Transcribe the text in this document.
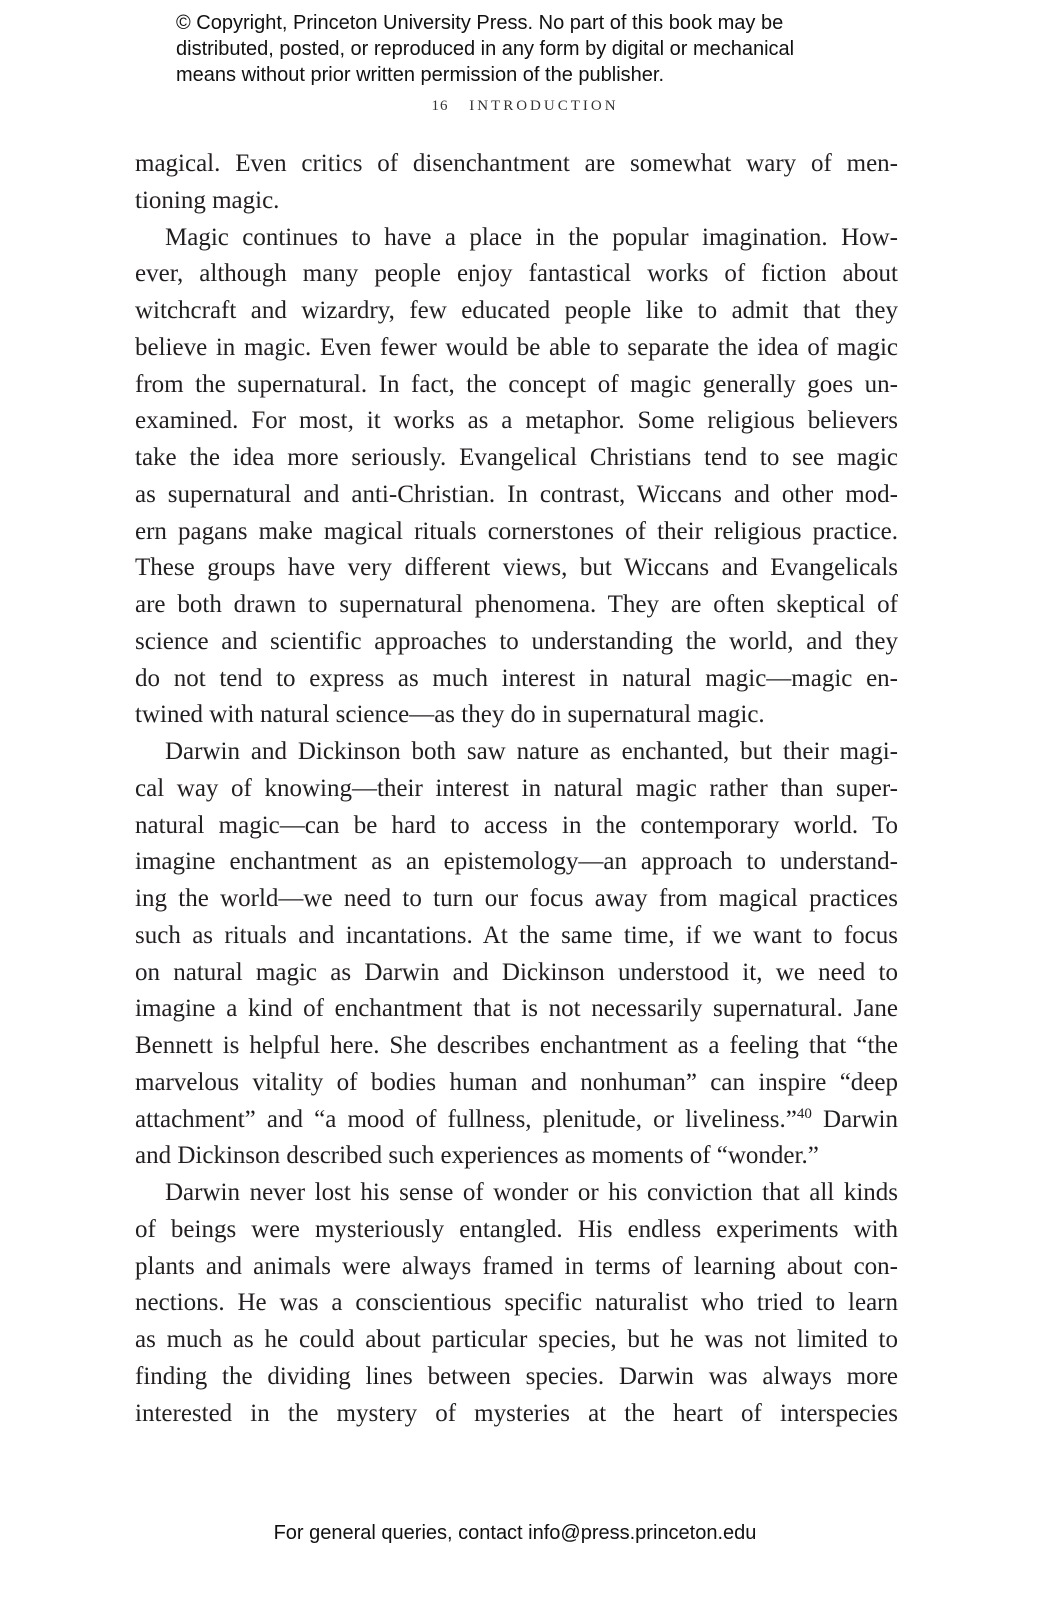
© Copyright, Princeton University Press. No part of this book may be
distributed, posted, or reproduced in any form by digital or mechanical
means without prior written permission of the publisher.
16 INTRODUCTION
magical. Even critics of disenchantment are somewhat wary of men-
tioning magic.
Magic continues to have a place in the popular imagination. How-
ever, although many people enjoy fantastical works of fiction about
witchcraft and wizardry, few educated people like to admit that they
believe in magic. Even fewer would be able to separate the idea of magic
from the supernatural. In fact, the concept of magic generally goes un-
examined. For most, it works as a metaphor. Some religious believers
take the idea more seriously. Evangelical Christians tend to see magic
as supernatural and anti-Christian. In contrast, Wiccans and other mod-
ern pagans make magical rituals cornerstones of their religious practice.
These groups have very different views, but Wiccans and Evangelicals
are both drawn to supernatural phenomena. They are often skeptical of
science and scientific approaches to understanding the world, and they
do not tend to express as much interest in natural magic—magic en-
twined with natural science—as they do in supernatural magic.
Darwin and Dickinson both saw nature as enchanted, but their magi-
cal way of knowing—their interest in natural magic rather than super-
natural magic—can be hard to access in the contemporary world. To
imagine enchantment as an epistemology—an approach to understand-
ing the world—we need to turn our focus away from magical practices
such as rituals and incantations. At the same time, if we want to focus
on natural magic as Darwin and Dickinson understood it, we need to
imagine a kind of enchantment that is not necessarily supernatural. Jane
Bennett is helpful here. She describes enchantment as a feeling that “the
marvelous vitality of bodies human and nonhuman” can inspire “deep
attachment” and “a mood of fullness, plenitude, or liveliness.”$^{40}$ Darwin
and Dickinson described such experiences as moments of “wonder.”
Darwin never lost his sense of wonder or his conviction that all kinds
of beings were mysteriously entangled. His endless experiments with
plants and animals were always framed in terms of learning about con-
nections. He was a conscientious specific naturalist who tried to learn
as much as he could about particular species, but he was not limited to
finding the dividing lines between species. Darwin was always more
interested in the mystery of mysteries at the heart of interspecies
For general queries, contact info@press.princeton.edu
